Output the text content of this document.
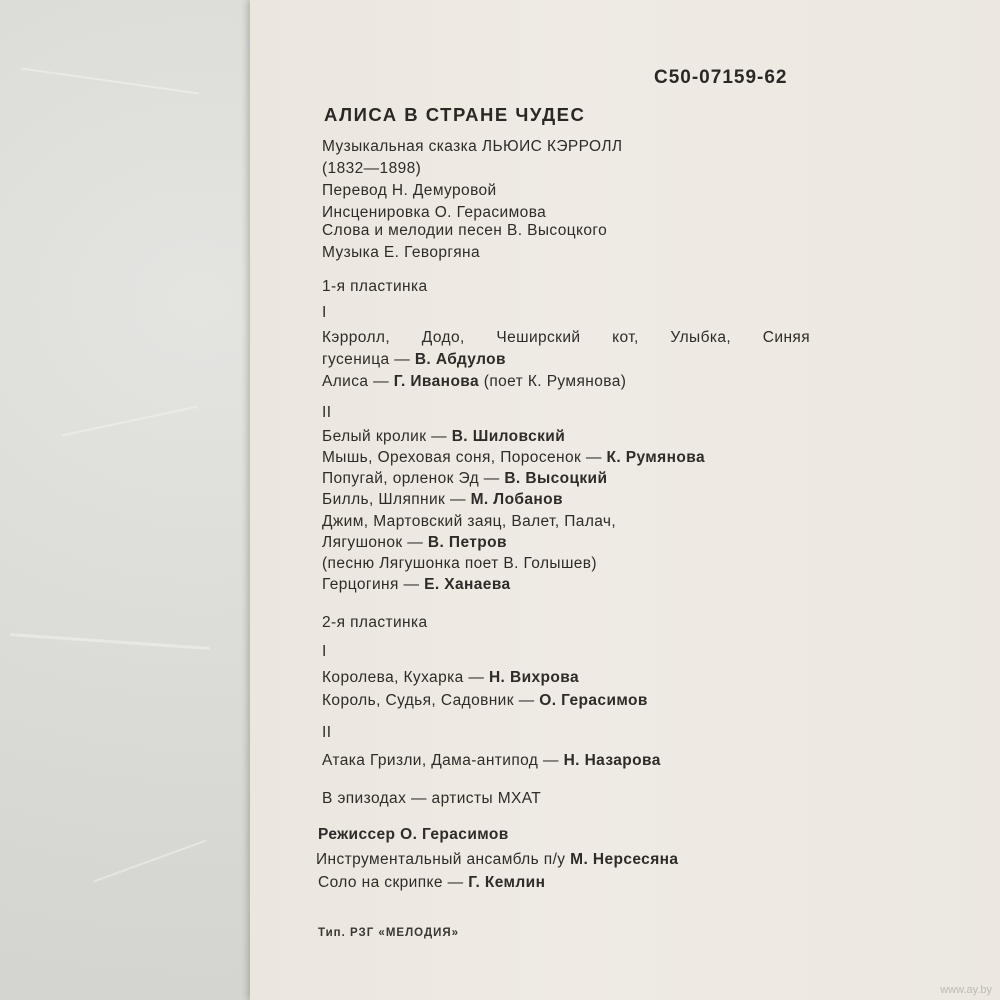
С50-07159-62
АЛИСА В СТРАНЕ ЧУДЕС
Музыкальная сказка ЛЬЮИС КЭРРОЛЛ
(1832—1898)
Перевод Н. Демуровой
Инсценировка О. Герасимова
Слова и мелодии песен В. Высоцкого
Музыка Е. Геворгяна
1-я пластинка
I
Кэрролл, Додо, Чеширский кот, Улыбка, Синяя
гусеница — В. Абдулов
Алиса — Г. Иванова (поет К. Румянова)
II
Белый кролик — В. Шиловский
Мышь, Ореховая соня, Поросенок — К. Румянова
Попугай, орленок Эд — В. Высоцкий
Билль, Шляпник — М. Лобанов
Джим, Мартовский заяц, Валет, Палач,
Лягушонок — В. Петров
(песню Лягушонка поет В. Голышев)
Герцогиня — Е. Ханаева
2-я пластинка
I
Королева, Кухарка — Н. Вихрова
Король, Судья, Садовник — О. Герасимов
II
Атака Гризли, Дама-антипод — Н. Назарова
В эпизодах — артисты МХАТ
Режиссер О. Герасимов
Инструментальный ансамбль п/у М. Нерсесяна
Соло на скрипке — Г. Кемлин
Тип. РЗГ «МЕЛОДИЯ»
www.ay.by
